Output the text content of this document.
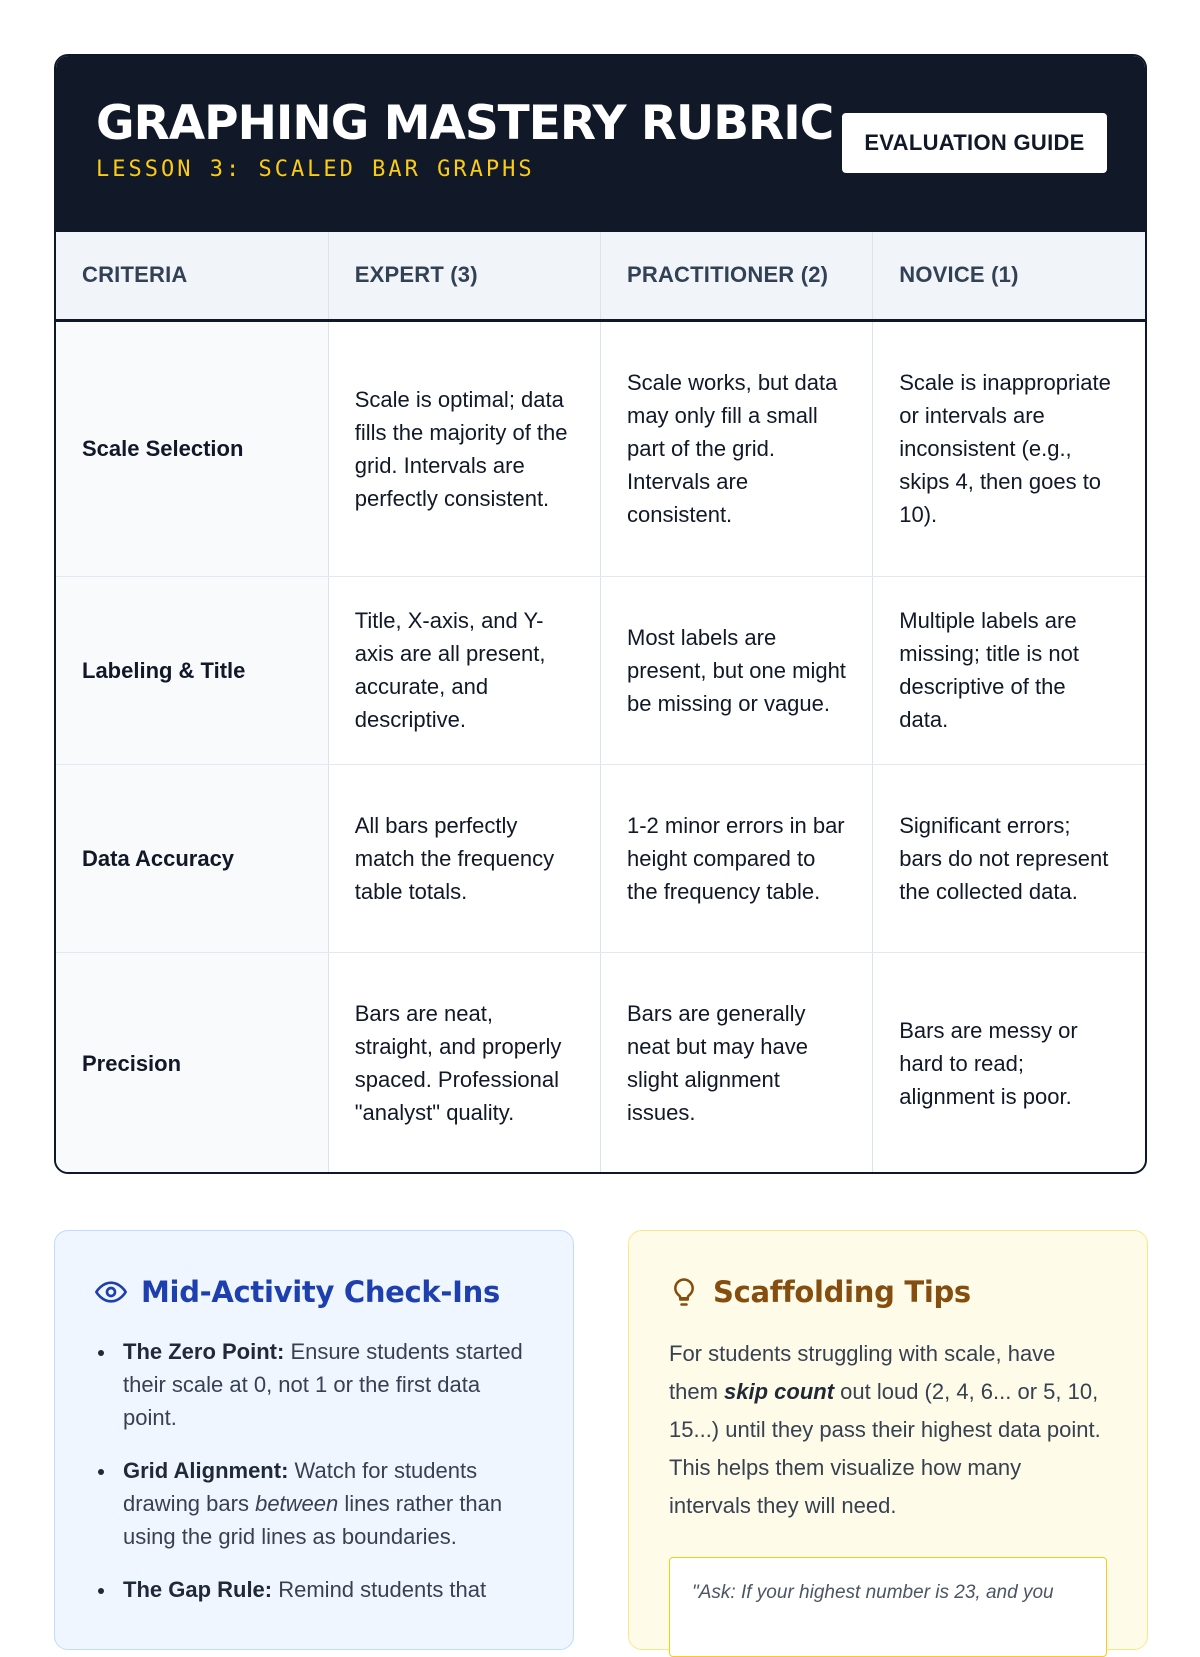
GRAPHING MASTERY RUBRIC
LESSON 3: SCALED BAR GRAPHS
EVALUATION GUIDE
CRITERIA	EXPERT (3)	PRACTITIONER (2)	NOVICE (1)
Scale Selection	Scale is optimal; data fills the majority of the grid. Intervals are perfectly consistent.	Scale works, but data may only fill a small part of the grid. Intervals are consistent.	Scale is inappropriate or intervals are inconsistent (e.g., skips 4, then goes to 10).
Labeling & Title	Title, X-axis, and Y-axis are all present, accurate, and descriptive.	Most labels are present, but one might be missing or vague.	Multiple labels are missing; title is not descriptive of the data.
Data Accuracy	All bars perfectly match the frequency table totals.	1-2 minor errors in bar height compared to the frequency table.	Significant errors; bars do not represent the collected data.
Precision	Bars are neat, straight, and properly spaced. Professional "analyst" quality.	Bars are generally neat but may have slight alignment issues.	Bars are messy or hard to read; alignment is poor.
Mid-Activity Check-Ins
The Zero Point: Ensure students started their scale at 0, not 1 or the first data point.
Grid Alignment: Watch for students drawing bars between lines rather than using the grid lines as boundaries.
The Gap Rule: Remind students that
Scaffolding Tips

For students struggling with scale, have them skip count out loud (2, 4, 6... or 5, 10, 15...) until they pass their highest data point. This helps them visualize how many intervals they will need.

"Ask: If your highest number is 23, and you
